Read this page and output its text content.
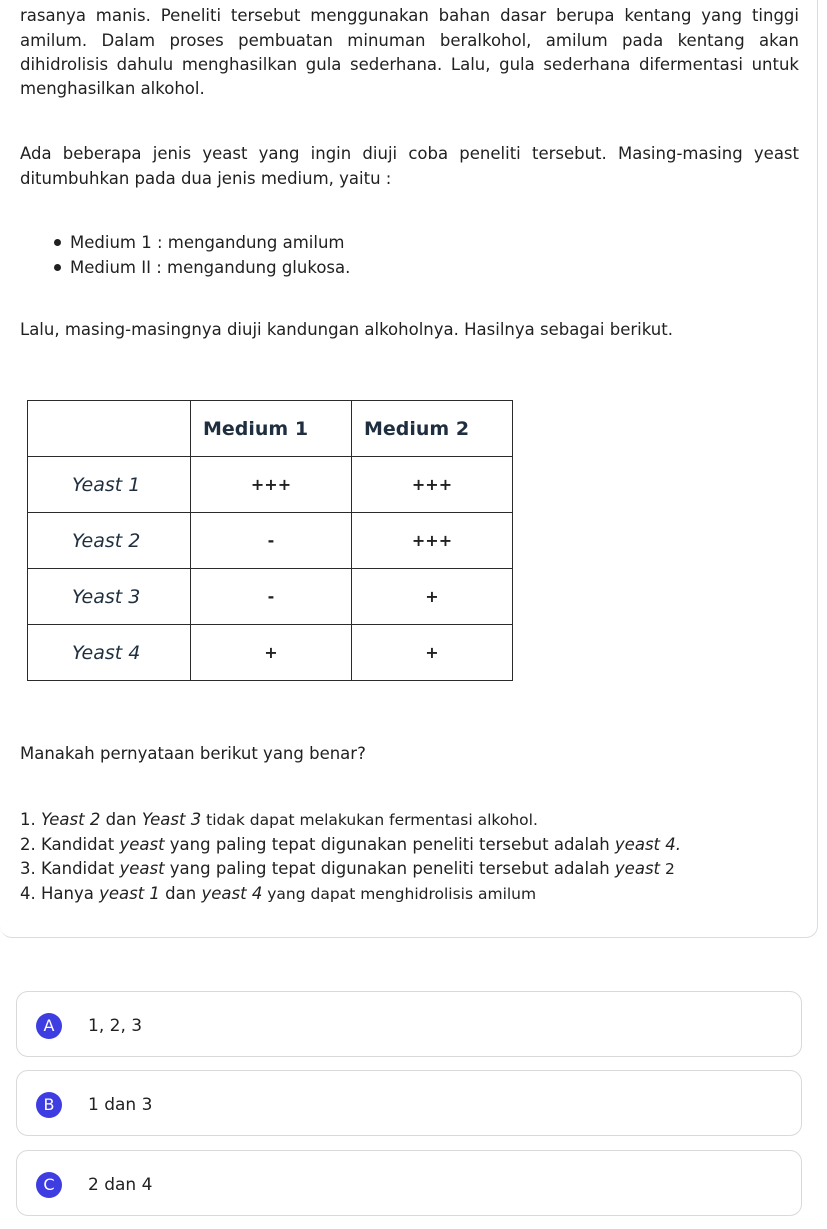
rasanya manis. Peneliti tersebut menggunakan bahan dasar berupa kentang yang tinggi amilum. Dalam proses pembuatan minuman beralkohol, amilum pada kentang akan dihidrolisis dahulu menghasilkan gula sederhana. Lalu, gula sederhana difermentasi untuk

menghasilkan alkohol.

Ada beberapa jenis yeast yang ingin diuji coba peneliti tersebut. Masing-masing yeast

ditumbuhkan pada dua jenis medium, yaitu :

Medium 1 : mengandung amilum
Medium II : mengandung glukosa.

Lalu, masing-masingnya diuji kandungan alkoholnya. Hasilnya sebagai berikut.

	Medium 1	Medium 2
Yeast 1	+++	+++
Yeast 2	-	+++
Yeast 3	-	+
Yeast 4	+	+

Manakah pernyataan berikut yang benar?

1. Yeast 2 dan Yeast 3 tidak dapat melakukan fermentasi alkohol.
2. Kandidat yeast yang paling tepat digunakan peneliti tersebut adalah yeast 4.
3. Kandidat yeast yang paling tepat digunakan peneliti tersebut adalah yeast 2
4. Hanya yeast 1 dan yeast 4 yang dapat menghidrolisis amilum
A	1, 2, 3
B	1 dan 3
C	2 dan 4
